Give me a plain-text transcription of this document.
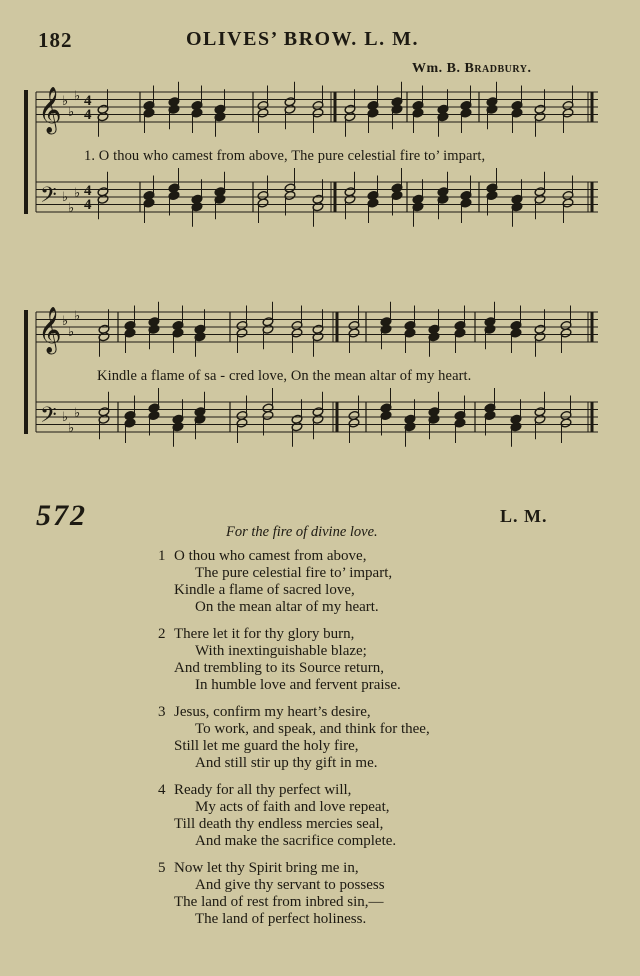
182	OLIVES’ BROW. L. M.
Wm. B. Bradbury.
𝄞
𝄢
♭
♭
♭
♭
♭
♭
4
4
4
4
𝄞
𝄢
♭
♭
♭
♭
♭
♭
1. O thou who camest from above, The pure celestial fire to’ impart,
Kindle a flame of sa - cred love, On the mean altar of my heart.
572	L. M.
For the fire of divine love.
1 O thou who camest from above,
The pure celestial fire to’ impart,
Kindle a flame of sacred love,
On the mean altar of my heart.
2 There let it for thy glory burn,
With inextinguishable blaze;
And trembling to its Source return,
In humble love and fervent praise.
3 Jesus, confirm my heart’s desire,
To work, and speak, and think for thee,
Still let me guard the holy fire,
And still stir up thy gift in me.
4 Ready for all thy perfect will,
My acts of faith and love repeat,
Till death thy endless mercies seal,
And make the sacrifice complete.
5 Now let thy Spirit bring me in,
And give thy servant to possess
The land of rest from inbred sin,—
The land of perfect holiness.
